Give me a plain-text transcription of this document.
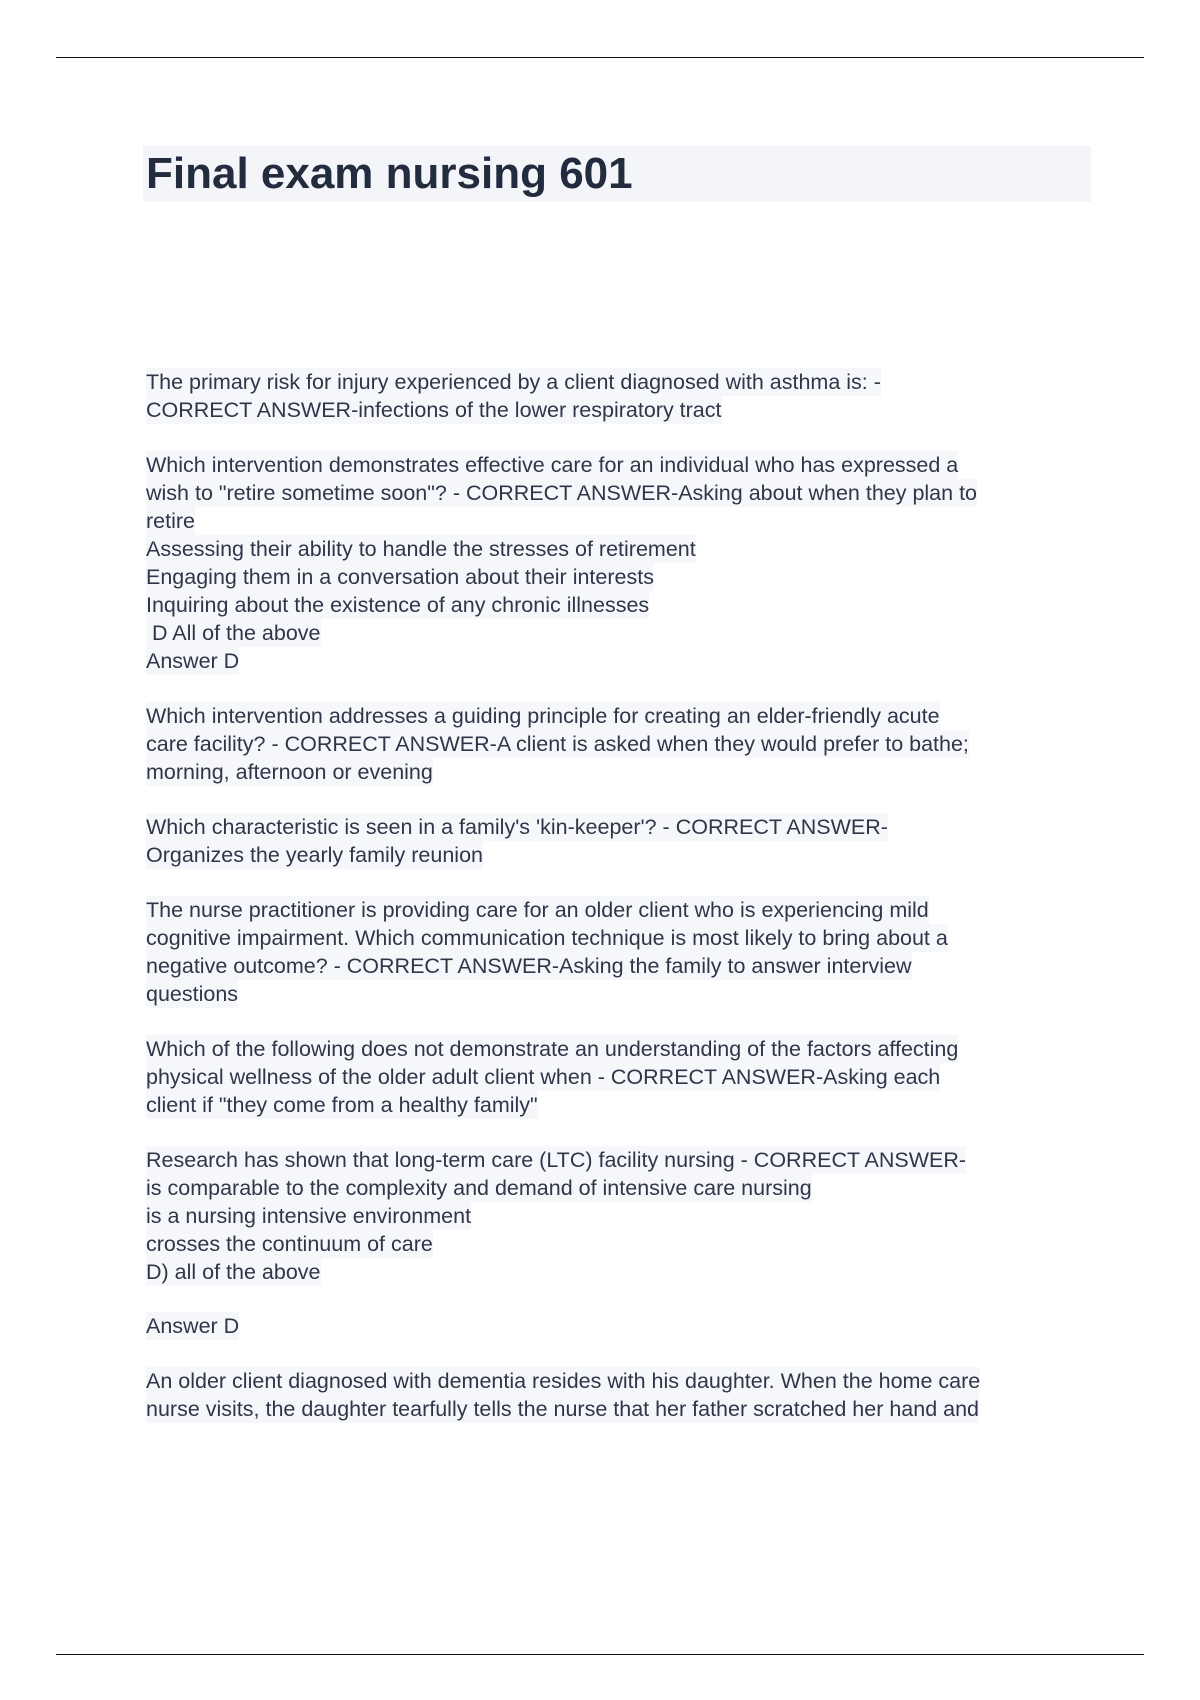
Final exam nursing 601
The primary risk for injury experienced by a client diagnosed with asthma is: -
CORRECT ANSWER-infections of the lower respiratory tract
Which intervention demonstrates effective care for an individual who has expressed a
wish to "retire sometime soon"? - CORRECT ANSWER-Asking about when they plan to
retire
Assessing their ability to handle the stresses of retirement
Engaging them in a conversation about their interests
Inquiring about the existence of any chronic illnesses
D All of the above
Answer D
Which intervention addresses a guiding principle for creating an elder-friendly acute
care facility? - CORRECT ANSWER-A client is asked when they would prefer to bathe;
morning, afternoon or evening
Which characteristic is seen in a family's 'kin-keeper'? - CORRECT ANSWER-
Organizes the yearly family reunion
The nurse practitioner is providing care for an older client who is experiencing mild
cognitive impairment. Which communication technique is most likely to bring about a
negative outcome? - CORRECT ANSWER-Asking the family to answer interview
questions
Which of the following does not demonstrate an understanding of the factors affecting
physical wellness of the older adult client when - CORRECT ANSWER-Asking each
client if "they come from a healthy family"
Research has shown that long-term care (LTC) facility nursing - CORRECT ANSWER-
is comparable to the complexity and demand of intensive care nursing
is a nursing intensive environment
crosses the continuum of care
D) all of the above
Answer D
An older client diagnosed with dementia resides with his daughter. When the home care
nurse visits, the daughter tearfully tells the nurse that her father scratched her hand and
